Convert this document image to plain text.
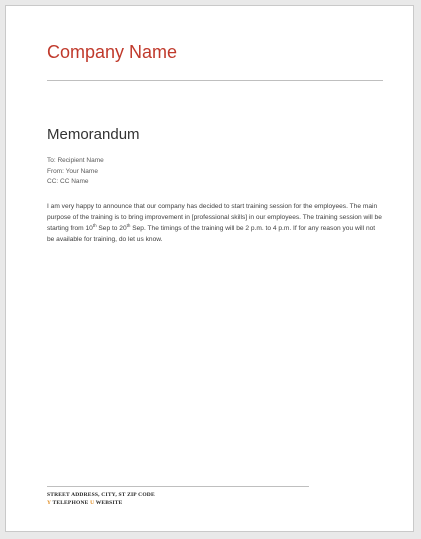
Company Name
Memorandum
To: Recipient Name
From: Your Name
CC: CC Name
I am very happy to announce that our company has decided to start training session for the employees. The main purpose of the training is to bring improvement in [professional skills] in our employees. The training session will be starting from 10th Sep to 20th Sep. The timings of the training will be 2 p.m. to 4 p.m. If for any reason you will not be available for training, do let us know.
STREET ADDRESS, CITY, ST ZIP CODE
Y TELEPHONE U WEBSITE
